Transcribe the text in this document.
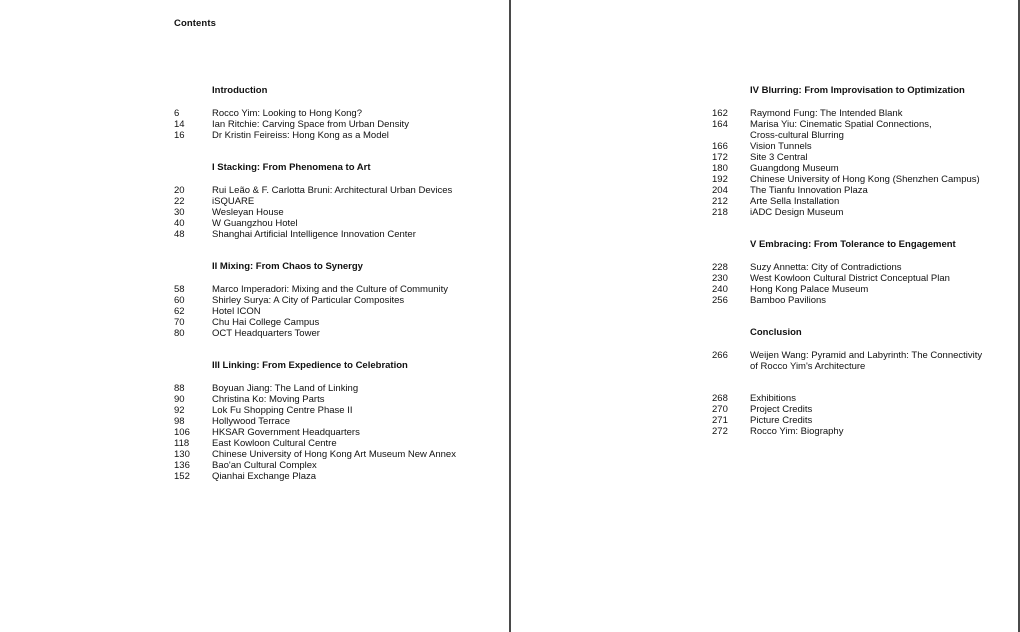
Contents
Introduction
6	Rocco Yim: Looking to Hong Kong?
14	Ian Ritchie: Carving Space from Urban Density
16	Dr Kristin Feireiss: Hong Kong as a Model
I Stacking: From Phenomena to Art
20	Rui Leão & F. Carlotta Bruni: Architectural Urban Devices
22	iSQUARE
30	Wesleyan House
40	W Guangzhou Hotel
48	Shanghai Artificial Intelligence Innovation Center
II Mixing: From Chaos to Synergy
58	Marco Imperadori: Mixing and the Culture of Community
60	Shirley Surya: A City of Particular Composites
62	Hotel ICON
70	Chu Hai College Campus
80	OCT Headquarters Tower
III Linking: From Expedience to Celebration
88	Boyuan Jiang: The Land of Linking
90	Christina Ko: Moving Parts
92	Lok Fu Shopping Centre Phase II
98	Hollywood Terrace
106	HKSAR Government Headquarters
118	East Kowloon Cultural Centre
130	Chinese University of Hong Kong Art Museum New Annex
136	Bao'an Cultural Complex
152	Qianhai Exchange Plaza
IV Blurring: From Improvisation to Optimization
162	Raymond Fung: The Intended Blank
164	Marisa Yiu: Cinematic Spatial Connections,
Cross-cultural Blurring
166	Vision Tunnels
172	Site 3 Central
180	Guangdong Museum
192	Chinese University of Hong Kong (Shenzhen Campus)
204	The Tianfu Innovation Plaza
212	Arte Sella Installation
218	iADC Design Museum
V Embracing: From Tolerance to Engagement
228	Suzy Annetta: City of Contradictions
230	West Kowloon Cultural District Conceptual Plan
240	Hong Kong Palace Museum
256	Bamboo Pavilions
Conclusion
266	Weijen Wang: Pyramid and Labyrinth: The Connectivity
of Rocco Yim's Architecture
268	Exhibitions
270	Project Credits
271	Picture Credits
272	Rocco Yim: Biography
